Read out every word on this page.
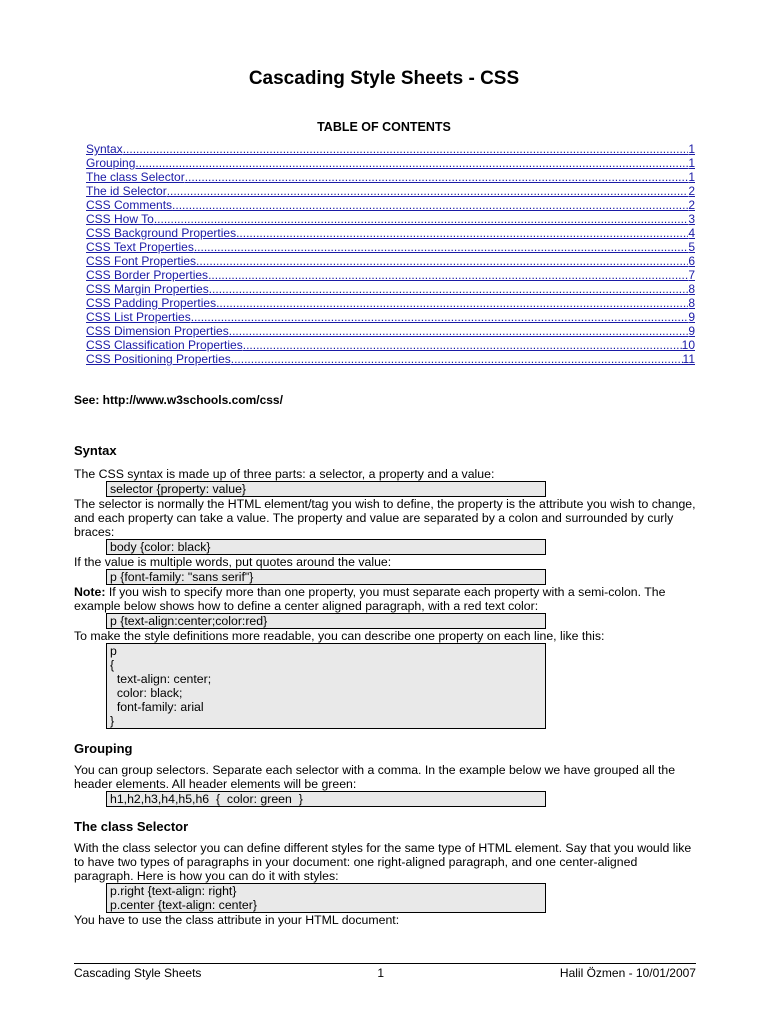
Cascading Style Sheets - CSS
TABLE OF CONTENTS
Syntax .....	1
Grouping .....	1
The class Selector .....	1
The id Selector .....	2
CSS Comments .....	2
CSS How To .....	3
CSS Background Properties .....	4
CSS Text Properties .....	5
CSS Font Properties .....	6
CSS Border Properties .....	7
CSS Margin Properties .....	8
CSS Padding Properties .....	8
CSS List Properties .....	9
CSS Dimension Properties .....	9
CSS Classification Properties .....	10
CSS Positioning Properties .....	11
See: http://www.w3schools.com/css/
Syntax

The CSS syntax is made up of three parts: a selector, a property and a value:

selector {property: value}

The selector is normally the HTML element/tag you wish to define, the property is the attribute you wish to change, and each property can take a value. The property and value are separated by a colon and surrounded by curly braces:

body {color: black}

If the value is multiple words, put quotes around the value:

p {font-family: "sans serif"}

Note: If you wish to specify more than one property, you must separate each property with a semi-colon. The example below shows how to define a center aligned paragraph, with a red text color:

p {text-align:center;color:red}

To make the style definitions more readable, you can describe one property on each line, like this:

p
{
text-align: center;
color: black;
font-family: arial
}
Grouping

You can group selectors. Separate each selector with a comma. In the example below we have grouped all the header elements. All header elements will be green:

h1,h2,h3,h4,h5,h6  {  color: green  }
The class Selector

With the class selector you can define different styles for the same type of HTML element. Say that you would like to have two types of paragraphs in your document: one right-aligned paragraph, and one center-aligned paragraph. Here is how you can do it with styles:

p.right {text-align: right}
p.center {text-align: center}

You have to use the class attribute in your HTML document:

Cascading Style Sheets	1	Halil Özmen - 10/01/2007
